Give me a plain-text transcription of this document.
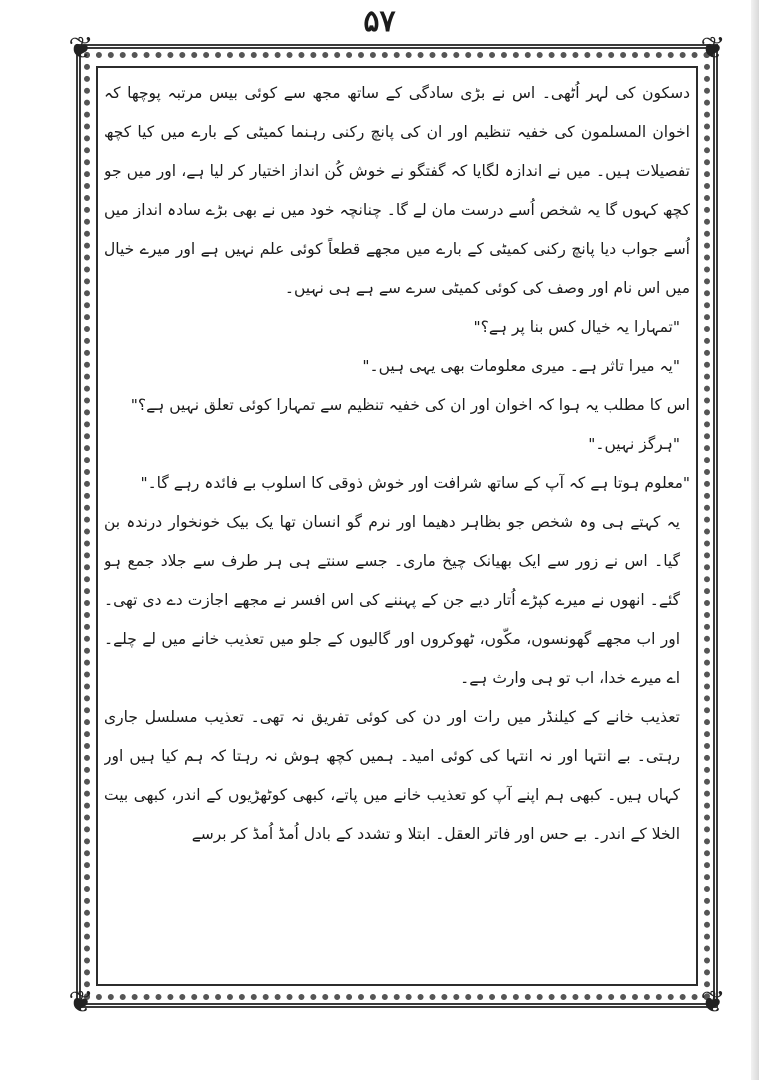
۵۷
❦	❦
❦	❦

دسکون کی لہر اُٹھی۔ اس نے بڑی سادگی کے ساتھ مجھ سے کوئی بیس مرتبہ پوچھا کہ اخوان المسلمون کی خفیہ تنظیم اور ان کی پانچ رکنی رہنما کمیٹی کے بارے میں کیا کچھ تفصیلات ہیں۔ میں نے اندازہ لگایا کہ گفتگو نے خوش کُن انداز اختیار کر لیا ہے، اور میں جو کچھ کہوں گا یہ شخص اُسے درست مان لے گا۔ چنانچہ خود میں نے بھی بڑے سادہ انداز میں اُسے جواب دیا پانچ رکنی کمیٹی کے بارے میں مجھے قطعاً کوئی علم نہیں ہے اور میرے خیال میں اس نام اور وصف کی کوئی کمیٹی سرے سے ہے ہی نہیں۔

"تمہارا یہ خیال کس بنا پر ہے؟"

"یہ میرا تاثر ہے۔ میری معلومات بھی یہی ہیں۔"

اس کا مطلب یہ ہوا کہ اخوان اور ان کی خفیہ تنظیم سے تمہارا کوئی تعلق نہیں ہے؟"

"ہرگز نہیں۔"

"معلوم ہوتا ہے کہ آپ کے ساتھ شرافت اور خوش ذوقی کا اسلوب بے فائدہ رہے گا۔"

یہ کہتے ہی وہ شخص جو بظاہر دھیما اور نرم گو انسان تھا یک بیک خونخوار درندہ بن گیا۔ اس نے زور سے ایک بھیانک چیخ ماری۔ جسے سنتے ہی ہر طرف سے جلاد جمع ہو گئے۔ انھوں نے میرے کپڑے اُتار دیے جن کے پہننے کی اس افسر نے مجھے اجازت دے دی تھی۔ اور اب مجھے گھونسوں، مکّوں، ٹھوکروں اور گالیوں کے جلو میں تعذیب خانے میں لے چلے۔ اے میرے خدا، اب تو ہی وارث ہے۔

تعذیب خانے کے کیلنڈر میں رات اور دن کی کوئی تفریق نہ تھی۔ تعذیب مسلسل جاری رہتی۔ بے انتہا اور نہ انتہا کی کوئی امید۔ ہمیں کچھ ہوش نہ رہتا کہ ہم کیا ہیں اور کہاں ہیں۔ کبھی ہم اپنے آپ کو تعذیب خانے میں پاتے، کبھی کوٹھڑیوں کے اندر، کبھی بیت الخلا کے اندر۔ بے حس اور فاتر العقل۔ ابتلا و تشدد کے بادل اُمڈ اُمڈ کر برسے
